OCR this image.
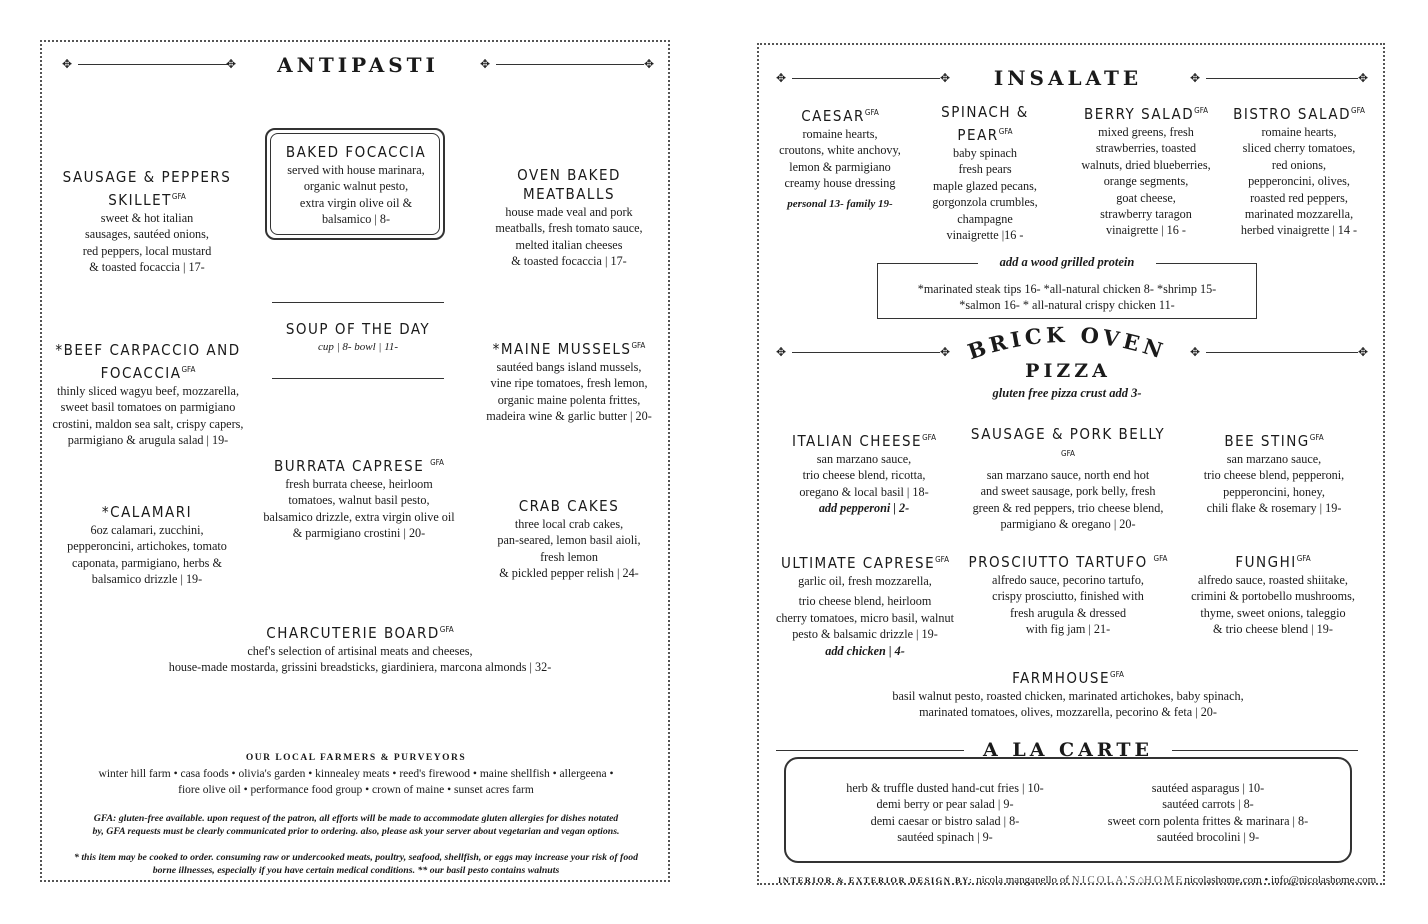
✥	✥	ANTIPASTI	✥	✥
SAUSAGE & PEPPERS $SKILLET^{GFA}$
sweet & hot italian
sausages, sautéed onions,
red peppers, local mustard
& toasted focaccia | 17-
BAKED FOCACCIA
served with house marinara,
organic walnut pesto,
extra virgin olive oil &
balsamico | 8-
OVEN BAKED MEATBALLS
house made veal and pork
meatballs, fresh tomato sauce,
melted italian cheeses
& toasted focaccia | 17-
SOUP OF THE DAY
cup | 8- bowl | 11-
*BEEF CARPACCIO AND $FOCACCIA^{GFA}$
thinly sliced wagyu beef, mozzarella,
sweet basil tomatoes on parmigiano
crostini, maldon sea salt, crispy capers,
parmigiano & arugula salad | 19-
*MAINE $MUSSELS^{GFA}$
sautéed bangs island mussels,
vine ripe tomatoes, fresh lemon,
organic maine polenta frittes,
madeira wine & garlic butter | 20-
BURRATA CAPRESE $^{GFA}$
fresh burrata cheese, heirloom
tomatoes, walnut basil pesto,
balsamico drizzle, extra virgin olive oil
& parmigiano crostini | 20-
*CALAMARI
6oz calamari, zucchini,
pepperoncini, artichokes, tomato
caponata, parmigiano, herbs &
balsamico drizzle | 19-
CRAB CAKES
three local crab cakes,
pan-seared, lemon basil aioli,
fresh lemon
& pickled pepper relish | 24-
CHARCUTERIE $BOARD^{GFA}$
chef's selection of artisinal meats and cheeses,
house-made mostarda, grissini breadsticks, giardiniera, marcona almonds | 32-
OUR LOCAL FARMERS & PURVEYORS
winter hill farm • casa foods • olivia's garden • kinnealey meats • reed's firewood • maine shellfish • allergeena •
fiore olive oil • performance food group • crown of maine • sunset acres farm
GFA: gluten-free available. upon request of the patron, all efforts will be made to accommodate gluten allergies for dishes notated
by, GFA requests must be clearly communicated prior to ordering. also, please ask your server about vegetarian and vegan options.
* this item may be cooked to order. consuming raw or undercooked meats, poultry, seafood, shellfish, or eggs may increase your risk of food
borne illnesses, especially if you have certain medical conditions. ** our basil pesto contains walnuts
✥	✥	INSALATE	✥	✥
$CAESAR^{GFA}$
romaine hearts,
croutons, white anchovy,
lemon & parmigiano
creamy house dressing
personal 13- family 19-
SPINACH & $PEAR^{GFA}$
baby spinach
fresh pears
maple glazed pecans,
gorgonzola crumbles,
champagne
vinaigrette |16 -
BERRY $SALAD^{GFA}$
mixed greens, fresh
strawberries, toasted
walnuts, dried blueberries,
orange segments,
goat cheese,
strawberry taragon
vinaigrette | 16 -
BISTRO $SALAD^{GFA}$
romaine hearts,
sliced cherry tomatoes,
red onions,
pepperoncini, olives,
roasted red peppers,
marinated mozzarella,
herbed vinaigrette | 14 -
add a wood grilled protein
*marinated steak tips 16- *all-natural chicken 8- *shrimp 15-
*salmon 16- * all-natural crispy chicken 11-
✥	✥ BRICK OVEN ✥	✥
PIZZA
gluten free pizza crust add 3-
ITALIAN $CHEESE^{GFA}$
san marzano sauce,
trio cheese blend, ricotta,
oregano & local basil | 18-
add pepperoni | 2-
SAUSAGE & PORK BELLY $^{GFA}$
san marzano sauce, north end hot
and sweet sausage, pork belly, fresh
green & red peppers, trio cheese blend,
parmigiano & oregano | 20-
BEE $STING^{GFA}$
san marzano sauce,
trio cheese blend, pepperoni,
pepperoncini, honey,
chili flake & rosemary | 19-
ULTIMATE $CAPRESE^{GFA}$
garlic oil, fresh mozzarella,
trio cheese blend, heirloom
cherry tomatoes, micro basil, walnut
pesto & balsamic drizzle | 19-
add chicken | 4-
PROSCIUTTO TARTUFO $^{GFA}$
alfredo sauce, pecorino tartufo,
crispy prosciutto, finished with
fresh arugula & dressed
with fig jam | 21-
$FUNGHI^{GFA}$
alfredo sauce, roasted shiitake,
crimini & portobello mushrooms,
thyme, sweet onions, taleggio
& trio cheese blend | 19-
$FARMHOUSE^{GFA}$
basil walnut pesto, roasted chicken, marinated artichokes, baby spinach,
marinated tomatoes, olives, mozzarella, pecorino & feta | 20-
A LA CARTE
herb & truffle dusted hand-cut fries | 10-
demi berry or pear salad | 9-
demi caesar or bistro salad | 8-
sautéed spinach | 9-
sautéed asparagus | 10-
sautéed carrots | 8-
sweet corn polenta frittes & marinara | 8-
sautéed brocolini | 9-
INTERIOR & EXTERIOR DESIGN BY: nicola manganello of NICOLA'S⌂HOMEnicolashome.com • info@nicolashome.com
